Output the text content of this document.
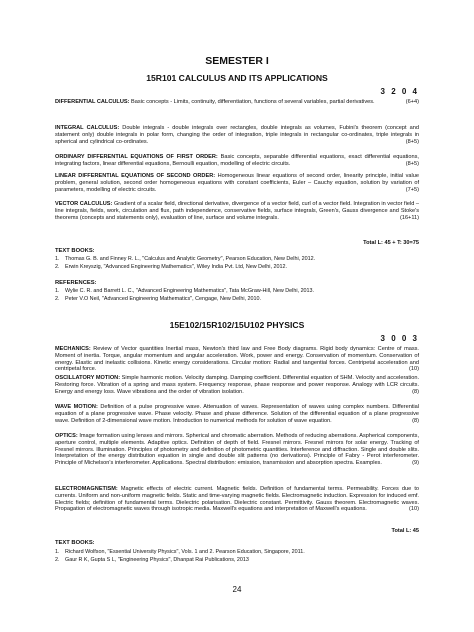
SEMESTER I
15R101 CALCULUS AND ITS APPLICATIONS
3 2 0 4
DIFFERENTIAL CALCULUS: Basic concepts - Limits, continuity, differentiation, functions of several variables, partial derivatives.	(6+4)
INTEGRAL CALCULUS: Double integrals - double integrals over rectangles, double integrals as volumes, Fubini's theorem (concept and statement only) double integrals in polar form, changing the order of integration, triple integrals in rectangular co-ordinates, triple integrals in spherical and cylindrical co-ordinates.	(8+5)
ORDINARY DIFFERENTIAL EQUATIONS OF FIRST ORDER: Basic concepts, separable differential equations, exact differential equations, integrating factors, linear differential equations, Bernoulli equation, modelling of electric circuits.	(8+5)
LINEAR DIFFERENTIAL EQUATIONS OF SECOND ORDER: Homogeneous linear equations of second order, linearity principle, initial value problem, general solution, second order homogeneous equations with constant coefficients, Euler – Cauchy equation, solution by variation of parameters, modelling of electric circuits.	(7+5)
VECTOR CALCULUS: Gradient of a scalar field, directional derivative, divergence of a vector field, curl of a vector field. Integration in vector field – line integrals, fields, work, circulation and flux, path independence, conservative fields, surface integrals, Green's, Gauss divergence and Stoke's theorems (concepts and statements only), evaluation of line, surface and volume integrals.	(16+11)
Total L: 45 + T: 30=75
TEXT BOOKS:
1. Thomas G. B. and Finney R. L., "Calculus and Analytic Geometry", Pearson Education, New Delhi, 2012.
2. Erwin Kreyszig, "Advanced Engineering Mathematics", Wiley India Pvt. Ltd, New Delhi, 2012.
REFERENCES:
1. Wylie C. R. and Barrett L. C., "Advanced Engineering Mathematics", Tata McGraw-Hill, New Delhi, 2013.
2. Peter V.O Neil, "Advanced Engineering Mathematics", Cengage, New Delhi, 2010.
15E102/15R102/15U102 PHYSICS
3 0 0 3
MECHANICS: Review of Vector quantities Inertial mass, Newton's third law and Free Body diagrams. Rigid body dynamics: Centre of mass. Moment of inertia. Torque, angular momentum and angular acceleration. Work, power and energy. Conservation of momentum. Conservation of energy. Elastic and inelastic collisions. Kinetic energy considerations. Circular motion: Radial and tangential forces. Centripetal acceleration and centripetal force.	(10)
OSCILLATORY MOTION: Simple harmonic motion. Velocity damping. Damping coefficient. Differential equation of SHM. Velocity and acceleration. Restoring force. Vibration of a spring and mass system. Frequency response, phase response and power response. Analogy with LCR circuits. Energy and energy loss. Wave vibrations and the order of vibration isolation.	(8)
WAVE MOTION: Definition of a pulse progressive wave. Attenuation of waves. Representation of waves using complex numbers. Differential equation of a plane progressive wave. Phase velocity. Phase and phase difference. Solution of the differential equation of a plane progressive wave. Definition of 2-dimensional wave motion. Introduction to numerical methods for solution of wave equation.	(8)
OPTICS: Image formation using lenses and mirrors. Spherical and chromatic aberration. Methods of reducing aberrations. Aspherical components, aperture control, multiple elements. Adaptive optics. Definition of depth of field. Fresnel mirrors. Fresnel mirrors for solar energy. Tracking of Fresnel mirrors. Illumination. Principles of photometry and definition of photometric quantities. Interference and diffraction. Single and double slits. Interpretation of the energy distribution equation in single and double slit patterns (no derivations). Principle of Fabry - Perot interferometer. Principle of Michelson's interferometer. Applications. Spectral distribution: emission, transmission and absorption spectra. Examples.	(9)
ELECTROMAGNETISM: Magnetic effects of electric current. Magnetic fields. Definition of fundamental terms. Permeability. Forces due to currents. Uniform and non-uniform magnetic fields. Static and time-varying magnetic fields. Electromagnetic induction. Expression for induced emf. Electric fields; definition of fundamental terms. Dielectric polarisation. Dielectric constant. Permittivity. Gauss theorem. Electromagnetic waves. Propagation of electromagnetic waves through isotropic media. Maxwell's equations and interpretation of Maxwell's equations.	(10)
Total L: 45
TEXT BOOKS:
1. Richard Wolfson, "Essential University Physics", Vols. 1 and 2. Pearson Education, Singapore, 2011.
2. Gaur R K, Gupta S L, "Engineering Physics", Dhanpat Rai Publications, 2013
24
